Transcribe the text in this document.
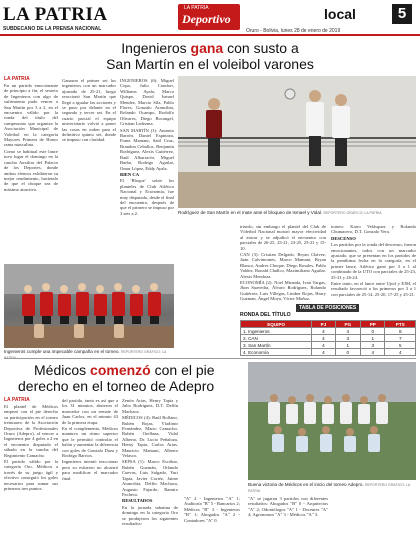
LA PATRIA
SUBDECANO DE LA PRENSA NACIONAL
LA PATRIA
Deportivo	local	5
Oruro - Bolivia, lunes 28 de enero de 2019
Ingenieros gana con susto a
San Martín en el voleibol varones
LA PATRIA

En un partido emocionante de principio a fin, el sexteto de Ingenieros con algo de sufrimiento pudo vencer a San Martín por 3 a 2, en el encuentro válido por la ronda del título del campeonato que organiza la Asociación Municipal de Voleibol en la categoría Mayores Primera de Honor rama masculina.

Como se habitual este lance tuvo lugar el domingo en la cancha Auxiliar del Palacio de los Deportes, donde ambos elencos exhibieron su mejor rendimiento, haciendo de que el choque sea de máximo atractivo.

Ganaron el primer set los ingenieros con un marcador ajustado de 25-21, luego reaccionó San Martín que llegó a igualar las acciones y se puso por delante en el segundo y tercer set. En el cuarto parcial el equipo universitario volvió a poner las cosas en orden para el definitivo quinto set, donde se impuso con claridad.

INGENIEROS (6): Miguel Copa, Julio Condori, Williams Ayala, Marco Quispe, David Ismael Mendez, Marcio Sila, Pablo Flores, Gonzalo Arancibia, Rolando Ocampo, Rodolfo Olivares, Diego Bocangel, Cristian Ledezma.

SAN MARTÍN (1): Antonio Barrón, Daniel Espinoza, Franz Mamani, Saúl Cruz, Brandon Ceballos, Benjamín Rodríguez, Alexis Gutiérrez, Raúl Albarracín, Miguel Barba, Rodrigo Aguilar, Omar López, Eddy Ayala.

BIEN CA

El 'Bloque' sobre los planteles de Club Atlético Nacional y Economía, fue muy disputado, desde el final del encuentro, después de que el primero se impuso por 3 sets a 2.

Ingenieros cumple una impecable campaña en el torneo. REPORTERO GRÁFICO: LA
Rodríguez de San Martín en el mate ante el bloqueo de Ismael y Vidal. REPORTERO GRÁFICO: LA PATRIA

triunfo, sin embargo el plantel del Club de Vóleibol Nacional mostró mayor efectividad al atacar y se adjudicó el encuentro con parciales de 26-25, 25-21, 23-25, 25-21 y 15-10.

CAN (3): Cristian Delgado, Bryan Chávez, Juan Calvimontes, Marco Mamani, Bryan Blanco, Andres Choque, Diego Rosales, Pablo Valdez, Ronald Challco, Maximiliano Aguilar, Alexis Mendoza.

ECONOMÍA (2): Noel Miranda, Ivan Vargas, Jhon Saavedra, Álvaro Rodríguez, Rolando Gutiérrez, Luis Villegas, Limber Rojas, Harry Guzman, Ángel Moya, Víctor Muñoz.

torneo: Kairo Velásquez y Rolando Chumacero, D.T. Gonzalo Vera.

DESCENSO

Los partidos por la ronda del descenso, fueron emocionantes, todos con un marcador ajustado, que se presentan en los partidos de la penúltima fecha en la categoría, en el primer lance, Atlético ganó por 3 a 1 al combinado de la UTO con parciales de 25-23, 25-21 y 26-24.

Entre tanto, en el lance entre Ujoif y EJM, el resultado favoreció a los primeros por 3 a 1 con parciales de 25-14, 25-20, 17-25 y 25-21.

TABLA DE POSICIONES
RONDA DEL TÍTULO
EQUIPO	PJ	PG	PP	PTS
1. Ingenieros	4	4	0	8
2. CAN	4	3	1	7
3. San Martín	4	1	3	5
4. Economía	4	0	4	4
Médicos comenzó con el pie
derecho en el torneo de Adepro
LA PATRIA

El plantel de Médicos empezó con el pie derecho su participación en el torneo treintaavo de la Asociación Deportiva de Profesionales Oruro (Adepro), al vencer a Ingenieros por 4 goles a 2 en el encuentro disputado el sábado en la cancha del Regimiento Camacho.

El partido válido por la categoría Oro, Médicos a través de su juego ágil y efectivo consiguió los goles necesarios para sumar sus primeros tres puntos.

del partido, tanto es así que a los 31 minutos, abrieron el marcador con un remate de Juan Carlos, en el minuto 43 de la primera etapa.

En el complemento, Médicos mantuvo un ritmo superior que le permitió controlar el balón y aumentar la diferencia con goles de Gonzalo Daza y Rodrigo Barrios.

Ingenieros intentó reaccionar pero su esfuerzo no alcanzó para modificar el marcador final.

Zenón Arias, Henry Tapia y Julio Rodríguez, D.T. Delfín Machaca.

MÉDICOS (4): Raúl Rollano, Rubén Rojas, Vladimir Fernández, Mario Camacho, Rubén Orellana, Vidal Alberto, Dr. Lucio Peñaloza, Henry Tapia, Carlos Arias, Mauricio Mamani, Alberto Velasco.

SEPSA (1): Marco Escóbar, Rubén Guzmán, Orlando Cuevas, Luis Salgado, Yuri Tapia, Javier Cortéz, Jaime Arancibia, Delfín Machaca, Augusto Fajardo, Ramiro Pacheco.

RESULTADOS

En la jornada sabatina de domingo en la categoría Oro se produjeron los siguientes resultados:

Buena victoria de Médicos en el inicio del torneo Adepro. REPORTERO GRÁFICO: LA PATRIA

"A" 2 - Ingenieros "A" 1; Auditoría "B" 5 - Bancarios 2; Médicos "B" 3 - Ingenieros "B" 1; Abogados "A" 2 - Contadores "A" 0.

"A" se jugaron 3 partidos con diferentes resultados: Abogados "B" 0 - Arquitectos "A" 2; Odontólogos "A" 1 - Docentes "A" 4; Agronomos "A" 3 - Médicos "A" 3.
